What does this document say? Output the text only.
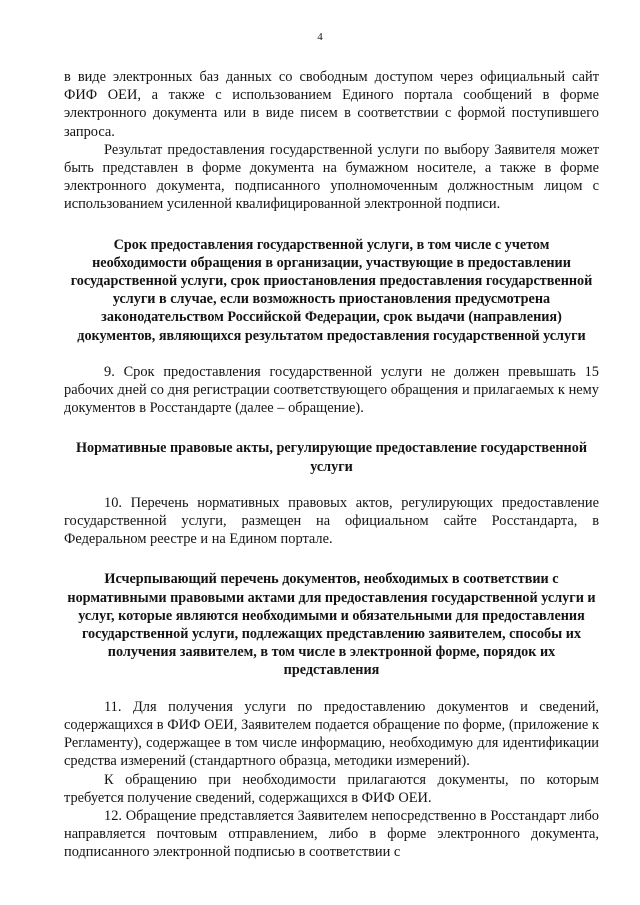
4

в виде электронных баз данных со свободным доступом через официальный сайт ФИФ ОЕИ, а также с использованием Единого портала сообщений в форме электронного документа или в виде писем в соответствии с формой поступившего запроса.

Результат предоставления государственной услуги по выбору Заявителя может быть представлен в форме документа на бумажном носителе, а также в форме электронного документа, подписанного уполномоченным должностным лицом с использованием усиленной квалифицированной электронной подписи.

Срок предоставления государственной услуги, в том числе с учетом необходимости обращения в организации, участвующие в предоставлении государственной услуги, срок приостановления предоставления государственной услуги в случае, если возможность приостановления предусмотрена законодательством Российской Федерации, срок выдачи (направления) документов, являющихся результатом предоставления государственной услуги

9. Срок предоставления государственной услуги не должен превышать 15 рабочих дней со дня регистрации соответствующего обращения и прилагаемых к нему документов в Росстандарте (далее – обращение).

Нормативные правовые акты, регулирующие предоставление государственной услуги

10. Перечень нормативных правовых актов, регулирующих предоставление государственной услуги, размещен на официальном сайте Росстандарта, в Федеральном реестре и на Едином портале.

Исчерпывающий перечень документов, необходимых в соответствии с нормативными правовыми актами для предоставления государственной услуги и услуг, которые являются необходимыми и обязательными для предоставления государственной услуги, подлежащих представлению заявителем, способы их получения заявителем, в том числе в электронной форме, порядок их представления

11. Для получения услуги по предоставлению документов и сведений, содержащихся в ФИФ ОЕИ, Заявителем подается обращение по форме, (приложение к Регламенту), содержащее в том числе информацию, необходимую для идентификации средства измерений (стандартного образца, методики измерений).

К обращению при необходимости прилагаются документы, по которым требуется получение сведений, содержащихся в ФИФ ОЕИ.

12. Обращение представляется Заявителем непосредственно в Росстандарт либо направляется почтовым отправлением, либо в форме электронного документа, подписанного электронной подписью в соответствии с
